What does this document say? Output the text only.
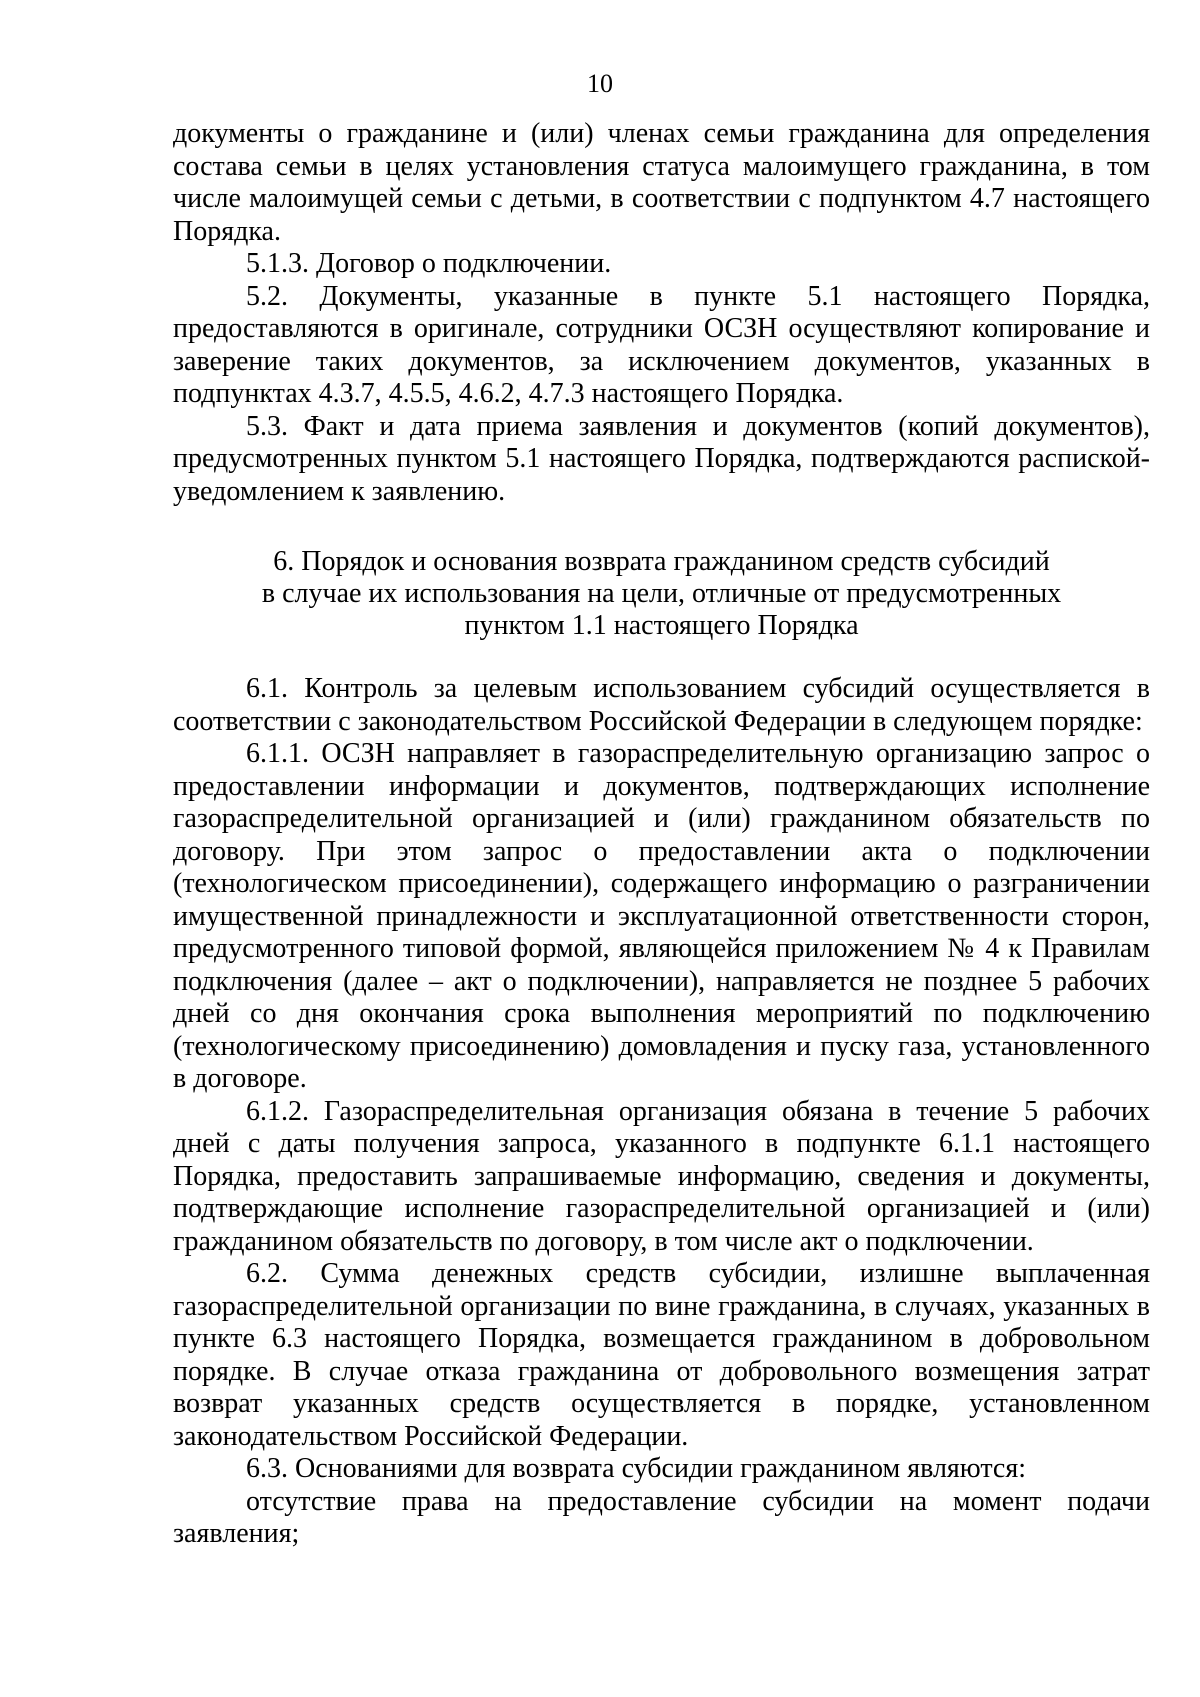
10

документы о гражданине и (или) членах семьи гражданина для определения состава семьи в целях установления статуса малоимущего гражданина, в том числе малоимущей семьи с детьми, в соответствии с подпунктом 4.7 настоящего Порядка.

5.1.3. Договор о подключении.

5.2. Документы, указанные в пункте 5.1 настоящего Порядка, предоставляются в оригинале, сотрудники ОСЗН осуществляют копирование и заверение таких документов, за исключением документов, указанных в подпунктах 4.3.7, 4.5.5, 4.6.2, 4.7.3 настоящего Порядка.

5.3. Факт и дата приема заявления и документов (копий документов), предусмотренных пунктом 5.1 настоящего Порядка, подтверждаются распиской-уведомлением к заявлению.

6. Порядок и основания возврата гражданином средств субсидий

в случае их использования на цели, отличные от предусмотренных

пунктом 1.1 настоящего Порядка

6.1. Контроль за целевым использованием субсидий осуществляется в соответствии с законодательством Российской Федерации в следующем порядке:

6.1.1. ОСЗН направляет в газораспределительную организацию запрос о предоставлении информации и документов, подтверждающих исполнение газораспределительной организацией и (или) гражданином обязательств по договору. При этом запрос о предоставлении акта о подключении (технологическом присоединении), содержащего информацию о разграничении имущественной принадлежности и эксплуатационной ответственности сторон, предусмотренного типовой формой, являющейся приложением № 4 к Правилам подключения (далее – акт о подключении), направляется не позднее 5 рабочих дней со дня окончания срока выполнения мероприятий по подключению (технологическому присоединению) домовладения и пуску газа, установленного в договоре.

6.1.2. Газораспределительная организация обязана в течение 5 рабочих дней с даты получения запроса, указанного в подпункте 6.1.1 настоящего Порядка, предоставить запрашиваемые информацию, сведения и документы, подтверждающие исполнение газораспределительной организацией и (или) гражданином обязательств по договору, в том числе акт о подключении.

6.2. Сумма денежных средств субсидии, излишне выплаченная газораспределительной организации по вине гражданина, в случаях, указанных в пункте 6.3 настоящего Порядка, возмещается гражданином в добровольном порядке. В случае отказа гражданина от добровольного возмещения затрат возврат указанных средств осуществляется в порядке, установленном законодательством Российской Федерации.

6.3. Основаниями для возврата субсидии гражданином являются:

отсутствие права на предоставление субсидии на момент подачи заявления;
